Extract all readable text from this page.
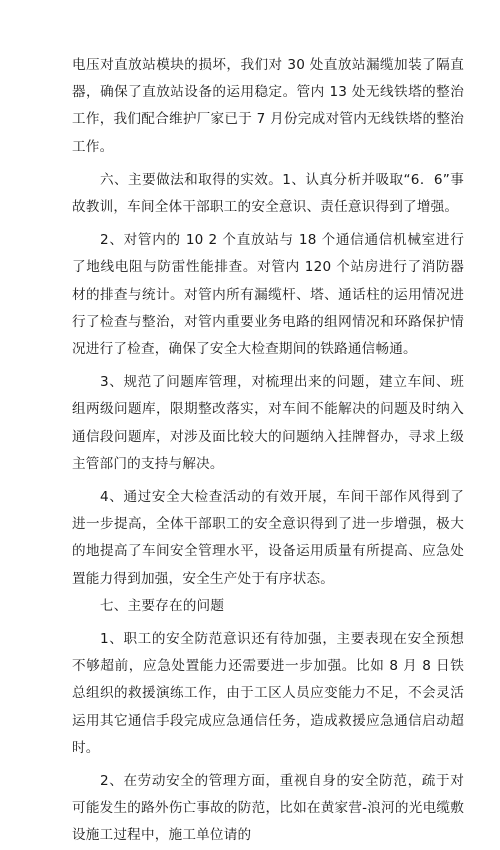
电压对直放站模块的损坏，我们对 30 处直放站漏缆加装了隔直器，确保了直放站设备的运用稳定。管内 13 处无线铁塔的整治工作，我们配合维护厂家已于 7 月份完成对管内无线铁塔的整治工作。

六、主要做法和取得的实效。1、认真分析并吸取“6．6”事故教训，车间全体干部职工的安全意识、责任意识得到了增强。

2、对管内的 10 2 个直放站与 18 个通信通信机械室进行了地线电阻与防雷性能排查。对管内 120 个站房进行了消防器材的排查与统计。对管内所有漏缆杆、塔、通话柱的运用情况进行了检查与整治，对管内重要业务电路的组网情况和环路保护情况进行了检查，确保了安全大检查期间的铁路通信畅通。

3、规范了问题库管理，对梳理出来的问题，建立车间、班组两级问题库，限期整改落实，对车间不能解决的问题及时纳入通信段问题库，对涉及面比较大的问题纳入挂牌督办，寻求上级主管部门的支持与解决。

4、通过安全大检查活动的有效开展，车间干部作风得到了进一步提高，全体干部职工的安全意识得到了进一步增强，极大的地提高了车间安全管理水平，设备运用质量有所提高、应急处置能力得到加强，安全生产处于有序状态。

七、主要存在的问题

1、职工的安全防范意识还有待加强，主要表现在安全预想不够超前，应急处置能力还需要进一步加强。比如 8 月 8 日铁总组织的救援演练工作，由于工区人员应变能力不足，不会灵活运用其它通信手段完成应急通信任务，造成救援应急通信启动超时。

2、在劳动安全的管理方面，重视自身的安全防范，疏于对可能发生的路外伤亡事故的防范，比如在黄家营-浪河的光电缆敷设施工过程中，施工单位请的
